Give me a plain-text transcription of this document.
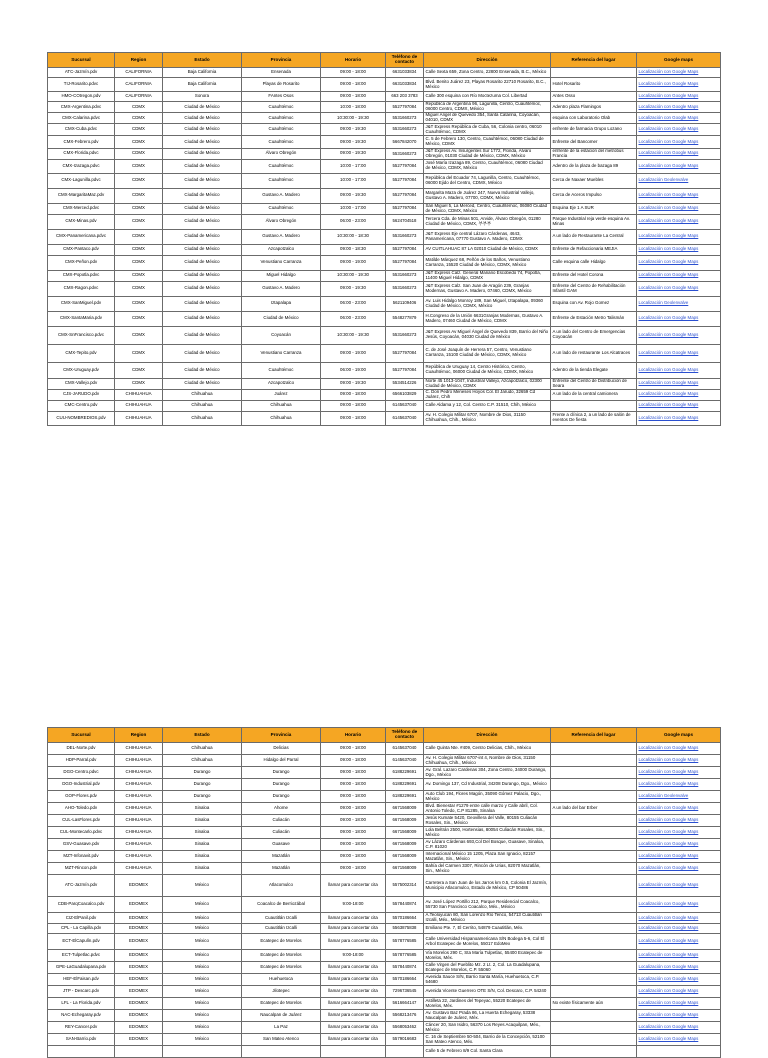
Sucursal	Region	Estado	Provincia	Horario	Teléfono de contacto	Dirección	Referencia del lugar	Google maps
ATC-Jazmín.pdv	CALIFORNIA	Baja California	Ensenada	09:00 - 18:00	6631033834	Calle Sexta 659, Zona Centro, 22800 Ensenada, B.C., México		Localización con Google Maps
TIJ-Rosarito.pdvc	CALIFORNIA	Baja California	Playas de Rosarito	09:00 - 18:00	6631033834	Blvd. Benito Juárez 23, Playas Rosarito 22710 Rosarito, B.C., México	Hotel Rosarito	Localización con Google Maps
HMO-COtregon.pdv	CALIFORNIA	Sonora	FAntes Osos	09:00 - 18:00	663 203 3783	Calle 300 esquina con Río Moctezuma Col. Libertad	Antes Osso	Localización con Google Maps
CMX-Argentina.pdvc	CDMX	Ciudad de México	Cuauhtémoc	10:00 - 18:00	5527797084	República de Argentina 96, Lagunilla, Centro, Cuauhtémoc, 06000 Centro, CDMX, México	Adentro plaza Flamingos	Localización con Google Maps
CMX-Calarina.pdvc	CDMX	Ciudad de México	Cuauhtémoc	10:30:00 - 19:30	5531660273	Miguel Ángel de Quevedo 354, Santa Catarina, Coyoacán, 04010, CDMX	esquina con Laboratorio Olab	Localización con Google Maps
CMX-Cuba.pdvc	CDMX	Ciudad de México	Cuauhtémoc	09:00 - 19:30	5531660273	J&T Express República de Cuba, 56, Colonia centro, 06010 Cuauhtémoc, CDMX	enfrente de farmacia Grupo Lozano	Localización con Google Maps
CMX-Febrero.pdv	CDMX	Ciudad de México	Cuauhtémoc	09:00 - 19:30	5667842070	C. 5 de Febrero 130, Centro, Cuauhtémoc, 06080 Ciudad de México, CDMX	Enfrente del Bancomer	Localización con Google Maps
CMX-Florida.pdvc	CDMX	Ciudad de México	Álvaro Obregón	09:00 - 19:30	5531660273	J&T Express Av. Insurgentes Sur 1772, Florida, Álvaro Obregón, 01030 Ciudad de México, CDMX, México	enfrente de la estacion del metrobus Francia	Localización con Google Maps
CMX-Izazaga.pdvc	CDMX	Ciudad de México	Cuauhtémoc	10:00 - 17:00	5527797084	José María Izazaga 89, Centro, Cuauhtémoc, 06080 Ciudad de México, CDMX, México	Adentro de la plaza de bazaga 89	Localización con Google Maps
CMX-Lagunilla.pdvc	CDMX	Ciudad de México	Cuauhtémoc	10:00 - 17:00	5527797084	República del Ecuador 74, Lagunilla, Centro, Cuauhtémoc, 06000 Ejido del Centro, CDMX, México	Cerca de Naxaer Muebles	Localización Geolenvalve
CMX-MargaritaMaz.pdv	CDMX	Ciudad de México	Gustavo A. Madero	09:00 - 19:30	5527797084	Margarita Maza de Juárez 247, Nueva Industrial Vallejo, Gustavo A. Madero, 07700, CDMX, México	Cerca de Aceros Impulso	Localización con Google Maps
CMX-Merced.pdvc	CDMX	Ciudad de México	Cuauhtémoc	10:00 - 17:00	5527797084	San Miguel 5, La Merced, Centro, Cuauhtémoc, 06080 Ciudad de México, CDMX, México	Esquina Eje 1 A SUR	Localización con Google Maps
CMX-Minas.pdv	CDMX	Ciudad de México	Álvaro Obregón	06:00 - 23:00	5624704518	Tercera Cda. de Minas 501, Arvide, Álvaro Obregón, 01280 Ciudad de México, CDMX, 부부부	Parque Industrial reja verde esquina Av. Minas	Localización con Google Maps
CMX-Panamericana.pdvc	CDMX	Ciudad de México	Gustavo A. Madero	10:30:00 - 18:30	5531660273	J&T Express Eje central Lázaro Cárdenas, 4643, Panamericana, 07770 Gustavo A. Madero, CDMX	A un lado de Restaurante La Central	Localización con Google Maps
CMX-Pantaco.pdv	CDMX	Ciudad de México	Azcapotzalco	09:00 - 18:30	5527797084	AV CUITLAHUAC 87 LA 02010 Ciudad de México, CDMX	Enfrente de Refaccionaria MEJIA	Localización con Google Maps
CMX-Peñon.pdv	CDMX	Ciudad de México	Venustiano Carranza	09:00 - 19:00	5527797084	Matilde Márquez 68, Peñón de los Baños, Venustiano Carranza, 15520 Ciudad de México, CDMX, México	Calle esquina calle Hidalgo	Localización con Google Maps
CMX-Popotla.pdvc	CDMX	Ciudad de México	Miguel Hidalgo	10:30:00 - 19:30	5531660273	J&T Express Calz. General Mariano Escobedo 74, Popotla, 11400 Miguel Hidalgo, CDMX	Enfrente del Hotel Corona	Localización con Google Maps
CMX-Ragon.pdvc	CDMX	Ciudad de México	Gustavo A. Madero	09:00 - 19:30	5531660273	J&T Express Calz. San Juan de Aragón 239, Granjas Modernas, Gustavo A. Madero, 07460, CDMX, México	Enfrente del Centro de Rehabilitación Infantil GAM	Localización con Google Maps
CMX-SanMiguel.pdv	CDMX	Ciudad de México	Iztapalapa	06:00 - 23:00	5621109406	Av. Luis Hidalgo Monroy 189, San Miguel, Iztapalapa, 09360 Ciudad de México, CDMX, México	Esquina con Av. Rojo Gomez	Localización Geolenvalve
CMX-SantaMaria.pdv	CDMX	Ciudad de México	Ciudad de México	06:00 - 23:00	5548277879	H.Congreso de la Unión 6631Granjas Modernas, Gustavo A. Madero, 07460 Ciudad de México, CDMX	Enfrente de Estación Metro Talismán	Localización con Google Maps
CMX-SnFrancisco.pdvc	CDMX	Ciudad de México	Coyoacán	10:30:00 - 19:30	5531660273	J&T Express Av Miguel Ángel de Quevedo 839, Barrio del Niño Jesús, Coyoacán, 04030 Ciudad de México	A un lado del Centro de Emergencias Coyoacán	Localización con Google Maps
CMX-Tepito.pdv	CDMX	Ciudad de México	Venustiano Carranza	09:00 - 19:00	5527797084	C. de José Joaquín de Herrera 57, Centro, Venustiano Carranza, 15100 Ciudad de México, CDMX, México	A un lado de restaurante Los Alcatraces	Localización con Google Maps
CMX-Uruguay.pdv	CDMX	Ciudad de México	Cuauhtémoc	06:00 - 19:00	5527797084	República de Uruguay 14, Centro Histórico, Centro, Cuauhtémoc, 06000 Ciudad de México, CDMX, México	Adentro de la tienda Elegate	Localización con Google Maps
CMX-Vallejo.pdv	CDMX	Ciudad de México	Azcapotzalco	09:00 - 19:30	5534514226	Norte 45 1013-1047, Industrial Vallejo, Azcapotzalco, 02300 Ciudad de México, CDMX	Enfrente del Centro de Distribución de Seara	Localización con Google Maps
CJS-JARUDO.pdv	CHIHUAHUA	Chihuahua	Juárez	09:00 - 18:00	6566103829	C. Don Pedro Meneses Hoyos Col. El Jarudo, 32659 Cd Juárez, Chih	A un lado de la central camionera	Localización con Google Maps
CMC-Centro.pdv	CHIHUAHUA	Chihuahua	Chihuahua	09:00 - 18:00	6145637040	Calle Aldama y 12, Col. Centro C.P. 31510, Chih, México		Localización con Google Maps
CUU-NOMBREDIOS.pdv	CHIHUAHUA	Chihuahua	Chihuahua	09:00 - 18:00	6145637040	Av. H. Colegio Militar 6707, Nombre de Dios, 31150 Chihuahua, Chih., México	Frente a clínica 2, a un lado de salón de eventos De fiesta	Localización con Google Maps
Sucursal	Region	Estado	Provincia	Horario	Teléfono de contacto	Dirección	Referencia del lugar	Google maps
DEL-Norte.pdv	CHIHUAHUA	Chihuahua	Delicias	09:00 - 18:00	6145637040	Calle Quinta Nte. #409, Centro Delicias, Chih., México		Localización con Google Maps
HDP-Parral.pdv	CHIHUAHUA	Chihuahua	Hidalgo del Parral	09:00 - 18:00	6145637040	Av. H. Colegio Militar 6707-int 4, Nombre de Dios, 31150 Chihuahua, Chih., México		Localización con Google Maps
DGO-Centro.pdvc	CHIHUAHUA	Durango	Durango	09:00 - 18:00	6188229691	Av. Gral. Lazaro Cardenas 304, Zona Centro, 34000 Durango, Dgo., México		Localización con Google Maps
DGO-Industrial.pdv	CHIHUAHUA	Durango	Durango	09:00 - 18:00	6188229691	Av. Domingo 137, Cd Industrial, 34208 Durango, Dgo., México		Localización con Google Maps
GOP-Flores.pdv	CHIHUAHUA	Durango	Durango	09:00 - 18:00	6188229691	Auto Club 194, Flores Magón, 35090 Gómez Palacio, Dgo., México		Localización Geolenvalve
AHO-Toledo.pdv	CHIHUAHUA	Sinaloa	Ahome	09:00 - 18:00	6671568009	Blvd. Bienestar #1279 entre calle marzo y Calle abril, Col. Antonio Toledo, C.P 81285, Sinaloa	A un lado del bar Erber	Localización con Google Maps
CUL-LasFlores.pdv	CHIHUAHUA	Sinaloa	Culiacán	09:00 - 18:00	6671568009	Jesús Kumate 5420, Geovillera del Valle, 80155 Culiacán Rosales, Sin., México		Localización con Google Maps
CUL-Montecarlo.pdvc	CHIHUAHUA	Sinaloa	Culiacán	09:00 - 18:00	6671568009	Lola Beltrán 2500, Hortensias, 80054 Culiacán Rosales, Sin., México		Localización con Google Maps
GSV-Guasave.pdv	CHIHUAHUA	Sinaloa	Guasave	09:00 - 18:00	6671568009	Av Lázaro Cárdenas 693,Col Del Bosque, Guasave, Sinaloa, C.P. 81020		Localización con Google Maps
MZT-Infonavit.pdv	CHIHUAHUA	Sinaloa	Mazatlán	09:00 - 18:00	6671568009	Internacional México 15 1205, Plaza San Ignacio, 82157 Mazatlán, Sin., México		Localización con Google Maps
MZT-Rincon.pdv	CHIHUAHUA	Sinaloa	Mazatlán	09:00 - 18:00	6671568009	Bahía del Carmen 3307, Rincón de Urias, 82070 Mazatlán, Sin., México		Localización con Google Maps
ATC-Jazmín.pdv	EDOMEX	México	Atlacomulco	llamar para concertar cita	5575002314	Carretera a San Juan de los Jarros km 0.5, Colonia El Jazmín, Municipio Atlacomulco, Estado de México, CP 50486		Localización con Google Maps
CDB-ParqCoacalco.pdv	EDOMEX	México	Coacalco de Berriozábal	9:00-18:00	5578440874	Av. José López Portillo 212, Parque Residencial Coacalco, 55730 San Francisco Coacalco, Méx., México		Localización con Google Maps
CIZ-ElPanil.pdv	EDOMEX	México	Cuautitlán Izcalli	llamar para concertar cita	5570186664	A.Teoloyucan 80, San Lorenzo Río Tenco, 54713 Cuautitlán Izcalli, Méx., México		Localización con Google Maps
CPL - La Capilla.pdv	EDOMEX	México	Cuautitlán Izcalli	llamar para concertar cita	5563875838	Emiliano Pte. 7, El Cerrito, 54879 Cuautitlán, Méx.		Localización con Google Maps
ECT-ElCapulín.pdv	EDOMEX	México	Ecatepec de Morelos	llamar para concertar cita	5578776585	Calle Universidad Hispanoamericana S/N Bodega 5-6, Col El Arbol Ecatepec de Morelos, 55017 EdoMex		Localización con Google Maps
ECT-Tulpetlac.pdvc	EDOMEX	México	Ecatepec de Morelos	9:00-18:00	5578776585	Vía Morelos 290 C, Sta María Tulpetlac, 55400 Ecatepec de Morelos, Méx.		Localización con Google Maps
GPE-LaGuadalupana.pdv	EDOMEX	México	Ecatepec de Morelos	llamar para concertar cita	5578440874	Calle Virgen del Pueblito Mz. 2 Lt. 2, Col. La Guadalupana, Ecatepec de Morelos, C.P. 55060		Localización con Google Maps
HEF-ElFaisan.pdv	EDOMEX	México	Huehuetoca	llamar para concertar cita	5570186664	Avenida Sauce S/N, Barrio Santa María, Huehuetoca, C.P. 54680		Localización con Google Maps
JTP - Descarc.pdv	EDOMEX	México	Jilotepec	llamar para concertar cita	7296736545	Avenida Vicente Guerrero OTE S/N, Col. Descaro, C.P. 54240		Localización con Google Maps
LFL - La Florida.pdv	EDOMEX	México	Ecatepec de Morelos	llamar para concertar cita	5616664147	Astilleta 22, Jardines del Tepeyac, 55220 Ecatepec de Morelos, Méx.	No existe físicamente aún	Localización con Google Maps
NAC-Echegaray.pdv	EDOMEX	México	Naucalpan de Juárez	llamar para concertar cita	5568213476	Av. Gustavo Baz Prada 86, La Huerta Echegaray, 53338 Naucalpan de Juárez, Méx.		Localización con Google Maps
REY-Cancer.pdv	EDOMEX	México	La Paz	llamar para concertar cita	5568053462	Cáncer 20, San Isidro, 56370 Los Reyes Acaquilpan, Méx., México		Localización con Google Maps
SAN-Barrio.pdv	EDOMEX	México	San Mateo Atenco	llamar para concertar cita	5579016683	C. 16 de Septiembre 50-504, Barrio de la Concepción, 52100 San Mateo Atenco, Méx.		Localización con Google Maps
						Calle 5 de Febrero 8/9 Col. Santa Clara		
